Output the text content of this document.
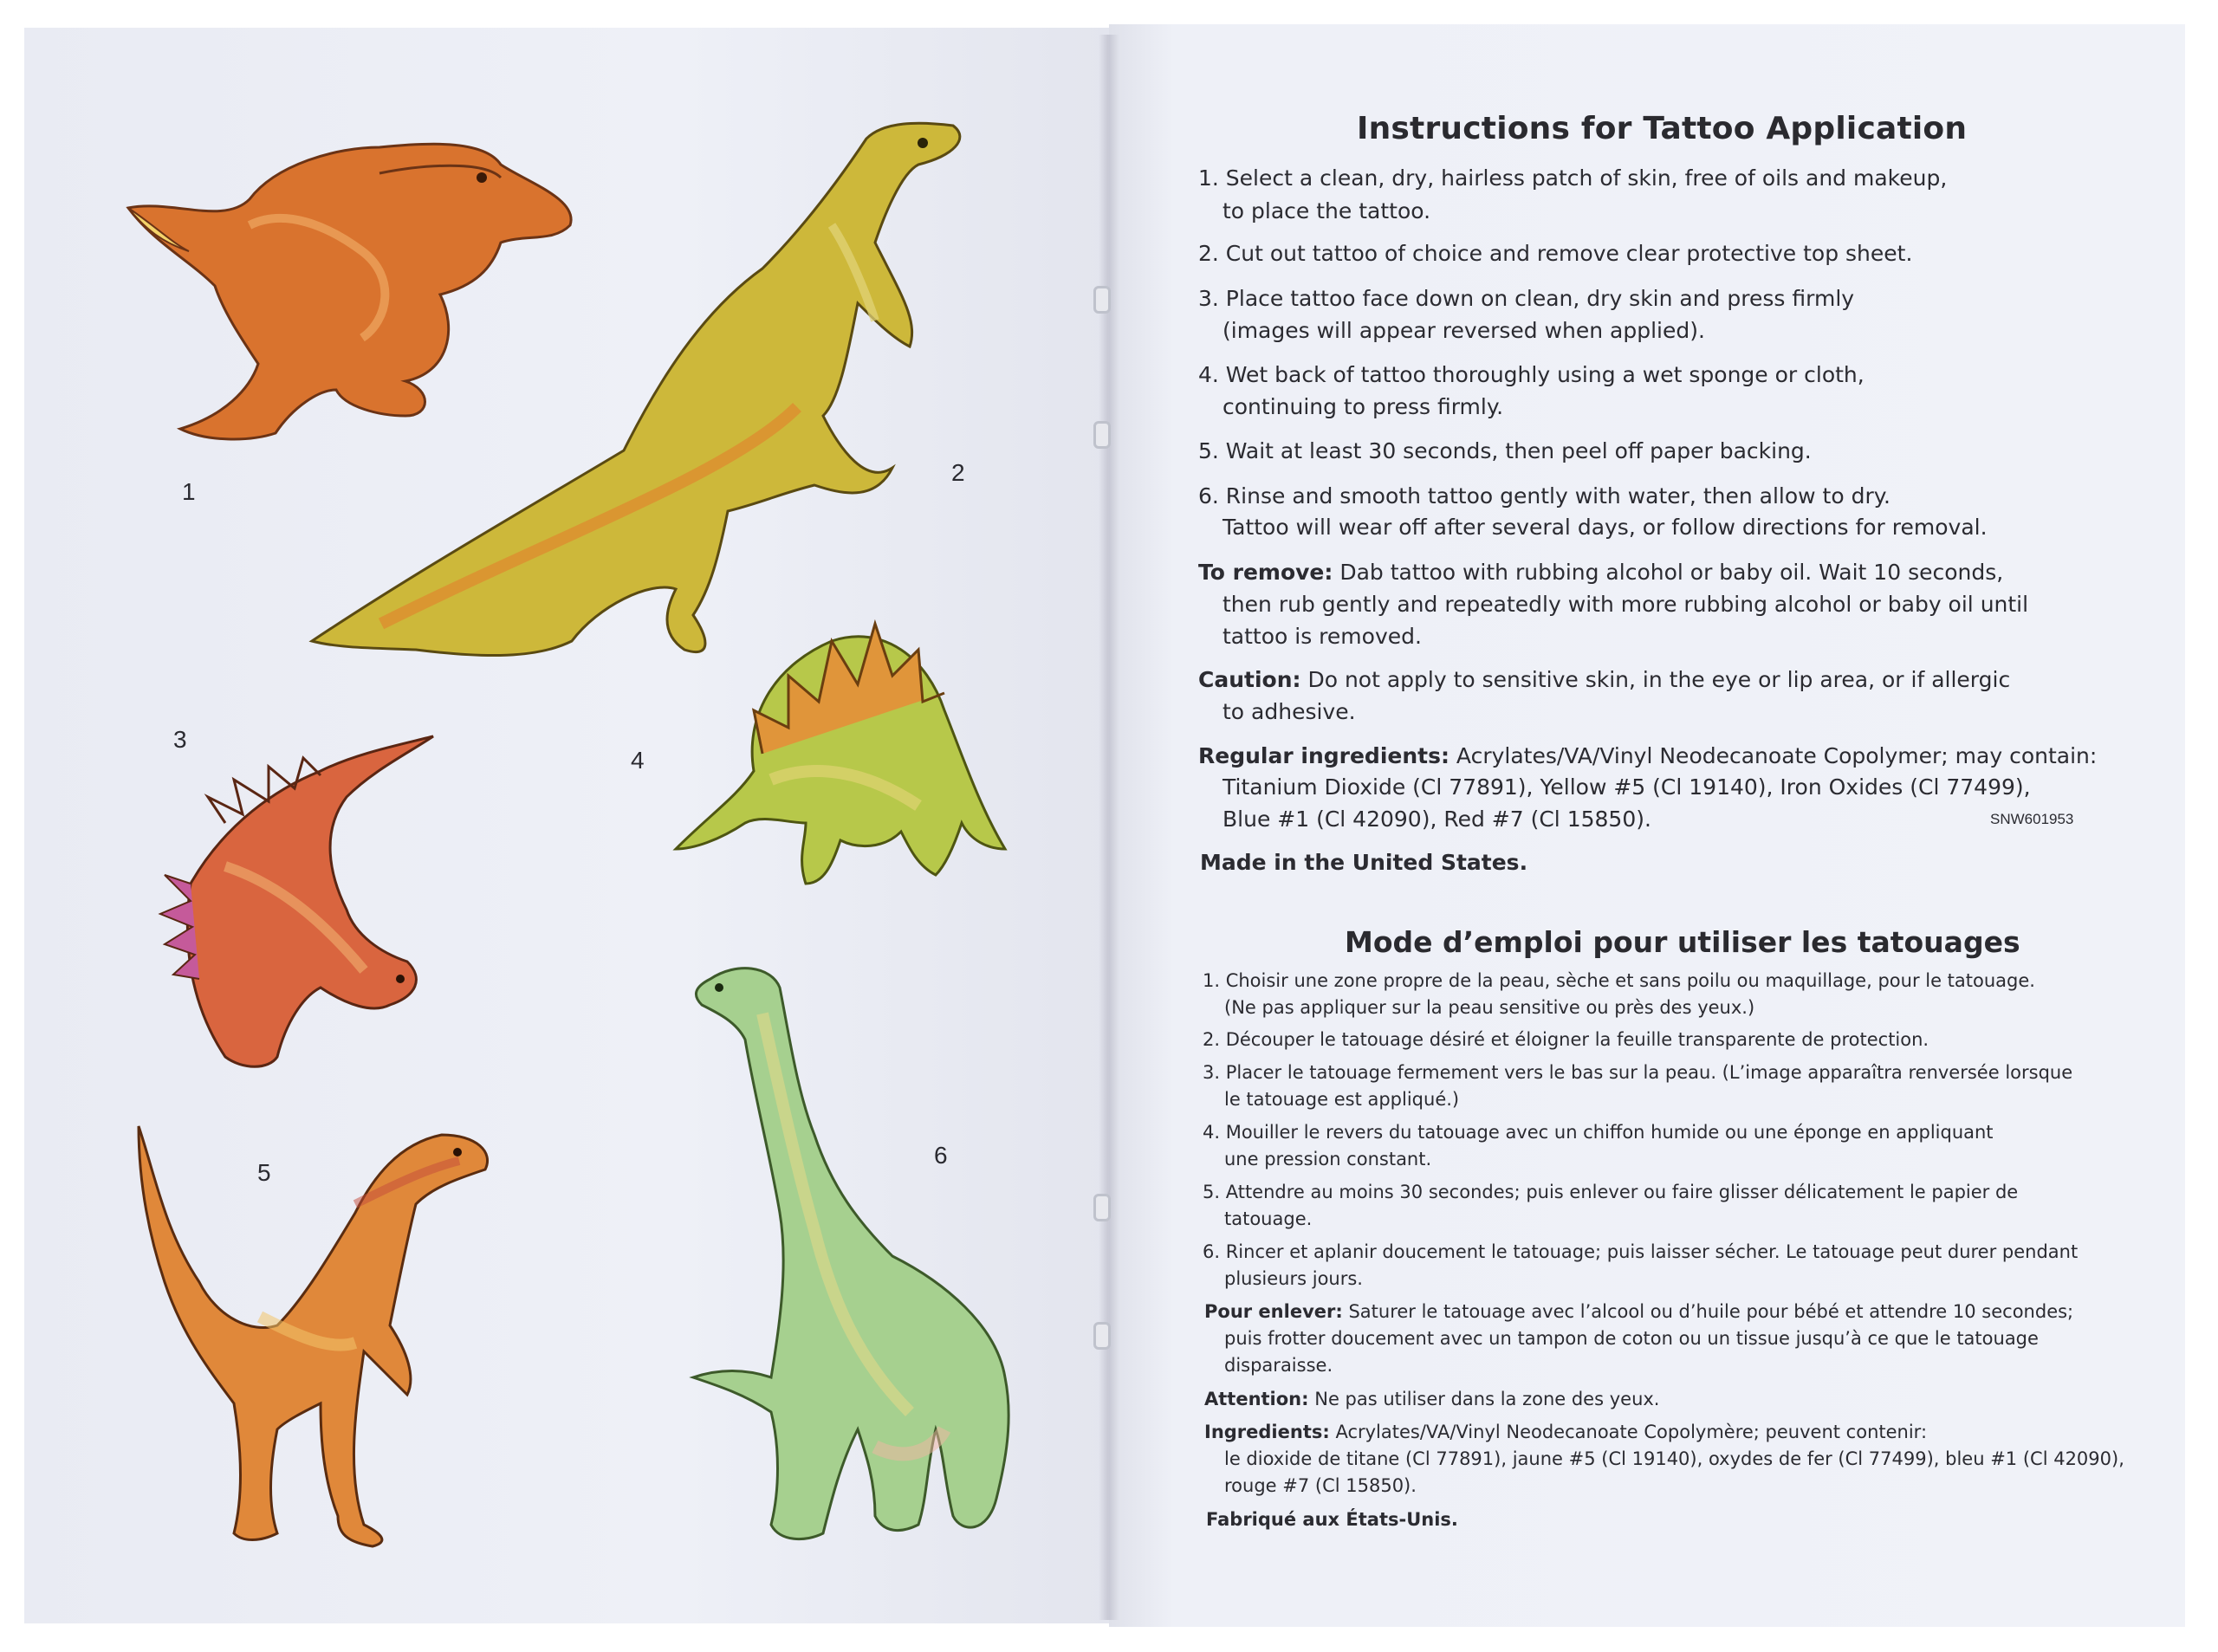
1
2
3
4
5
6
Instructions for Tattoo Application
1. Select a clean, dry, hairless patch of skin, free of oils and makeup,
to place the tattoo.
2. Cut out tattoo of choice and remove clear protective top sheet.
3. Place tattoo face down on clean, dry skin and press firmly
(images will appear reversed when applied).
4. Wet back of tattoo thoroughly using a wet sponge or cloth,
continuing to press firmly.
5. Wait at least 30 seconds, then peel off paper backing.
6. Rinse and smooth tattoo gently with water, then allow to dry.
Tattoo will wear off after several days, or follow directions for removal.
To remove: Dab tattoo with rubbing alcohol or baby oil. Wait 10 seconds,
then rub gently and repeatedly with more rubbing alcohol or baby oil until
tattoo is removed.
Caution: Do not apply to sensitive skin, in the eye or lip area, or if allergic
to adhesive.
Regular ingredients: Acrylates/VA/Vinyl Neodecanoate Copolymer; may contain:
Titanium Dioxide (Cl 77891), Yellow #5 (Cl 19140), Iron Oxides (Cl 77499),
Blue #1 (Cl 42090), Red #7 (Cl 15850).	SNW601953
Made in the United States.
Mode d’emploi pour utiliser les tatouages
1. Choisir une zone propre de la peau, sèche et sans poilu ou maquillage, pour le tatouage.
(Ne pas appliquer sur la peau sensitive ou près des yeux.)
2. Découper le tatouage désiré et éloigner la feuille transparente de protection.
3. Placer le tatouage fermement vers le bas sur la peau. (L’image apparaîtra renversée lorsque
le tatouage est appliqué.)
4. Mouiller le revers du tatouage avec un chiffon humide ou une éponge en appliquant
une pression constant.
5. Attendre au moins 30 secondes; puis enlever ou faire glisser délicatement le papier de
tatouage.
6. Rincer et aplanir doucement le tatouage; puis laisser sécher. Le tatouage peut durer pendant
plusieurs jours.
Pour enlever: Saturer le tatouage avec l’alcool ou d’huile pour bébé et attendre 10 secondes;
puis frotter doucement avec un tampon de coton ou un tissue jusqu’à ce que le tatouage
disparaisse.
Attention: Ne pas utiliser dans la zone des yeux.
Ingredients: Acrylates/VA/Vinyl Neodecanoate Copolymère; peuvent contenir:
le dioxide de titane (Cl 77891), jaune #5 (Cl 19140), oxydes de fer (Cl 77499), bleu #1 (Cl 42090),
rouge #7 (Cl 15850).
Fabriqué aux États-Unis.
